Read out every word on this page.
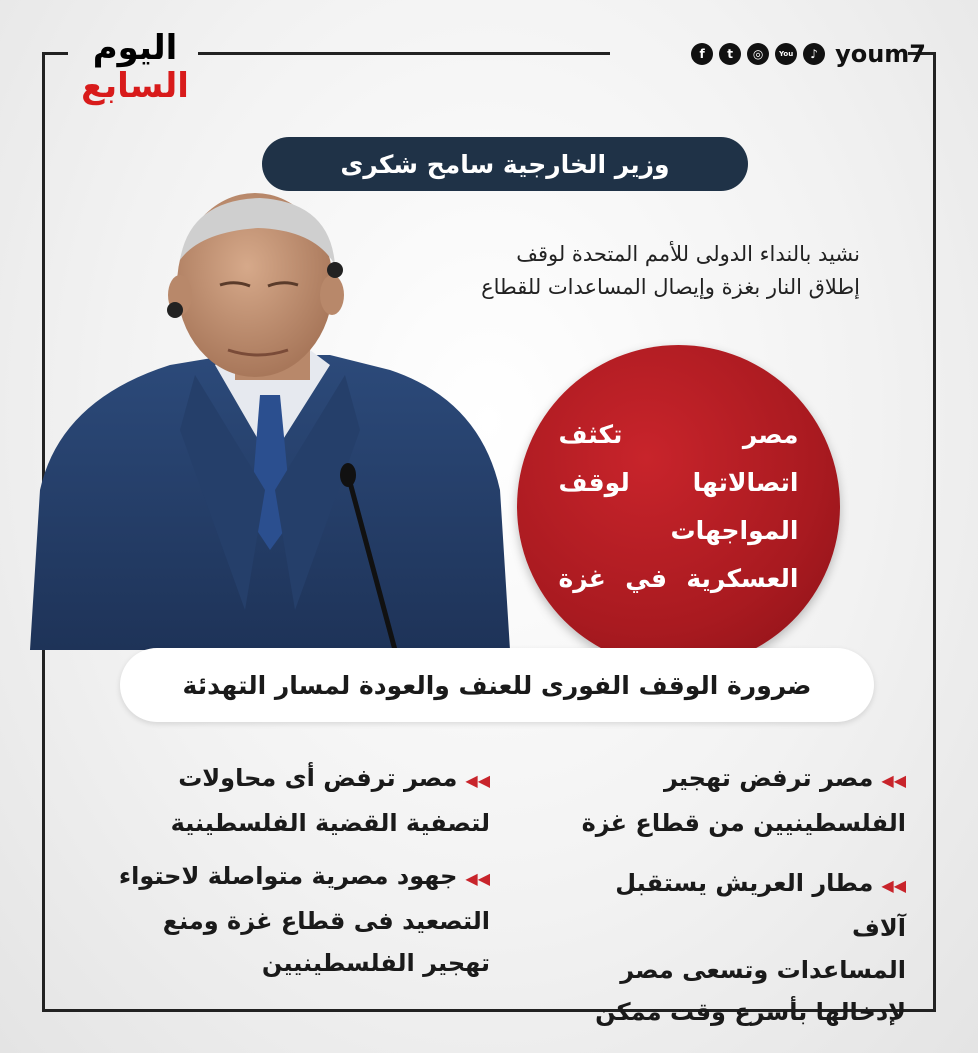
اليوم
السابع
f	t	◎	You	♪ youm7
وزير الخارجية سامح شكرى
نشيد بالنداء الدولى للأمم المتحدة لوقف
إطلاق النار بغزة وإيصال المساعدات للقطاع
مصر تكثف
اتصالاتها لوقف
المواجهات
العسكرية في غزة
ضرورة الوقف الفورى للعنف والعودة لمسار التهدئة
◀◀مصر ترفض تهجير
الفلسطينيين من قطاع غزة
◀◀مطار العريش يستقبل آلاف
المساعدات وتسعى مصر
لإدخالها بأسرع وقت ممكن
◀◀مصر ترفض أى محاولات
لتصفية القضية الفلسطينية
◀◀جهود مصرية متواصلة لاحتواء
التصعيد فى قطاع غزة ومنع
تهجير الفلسطينيين
